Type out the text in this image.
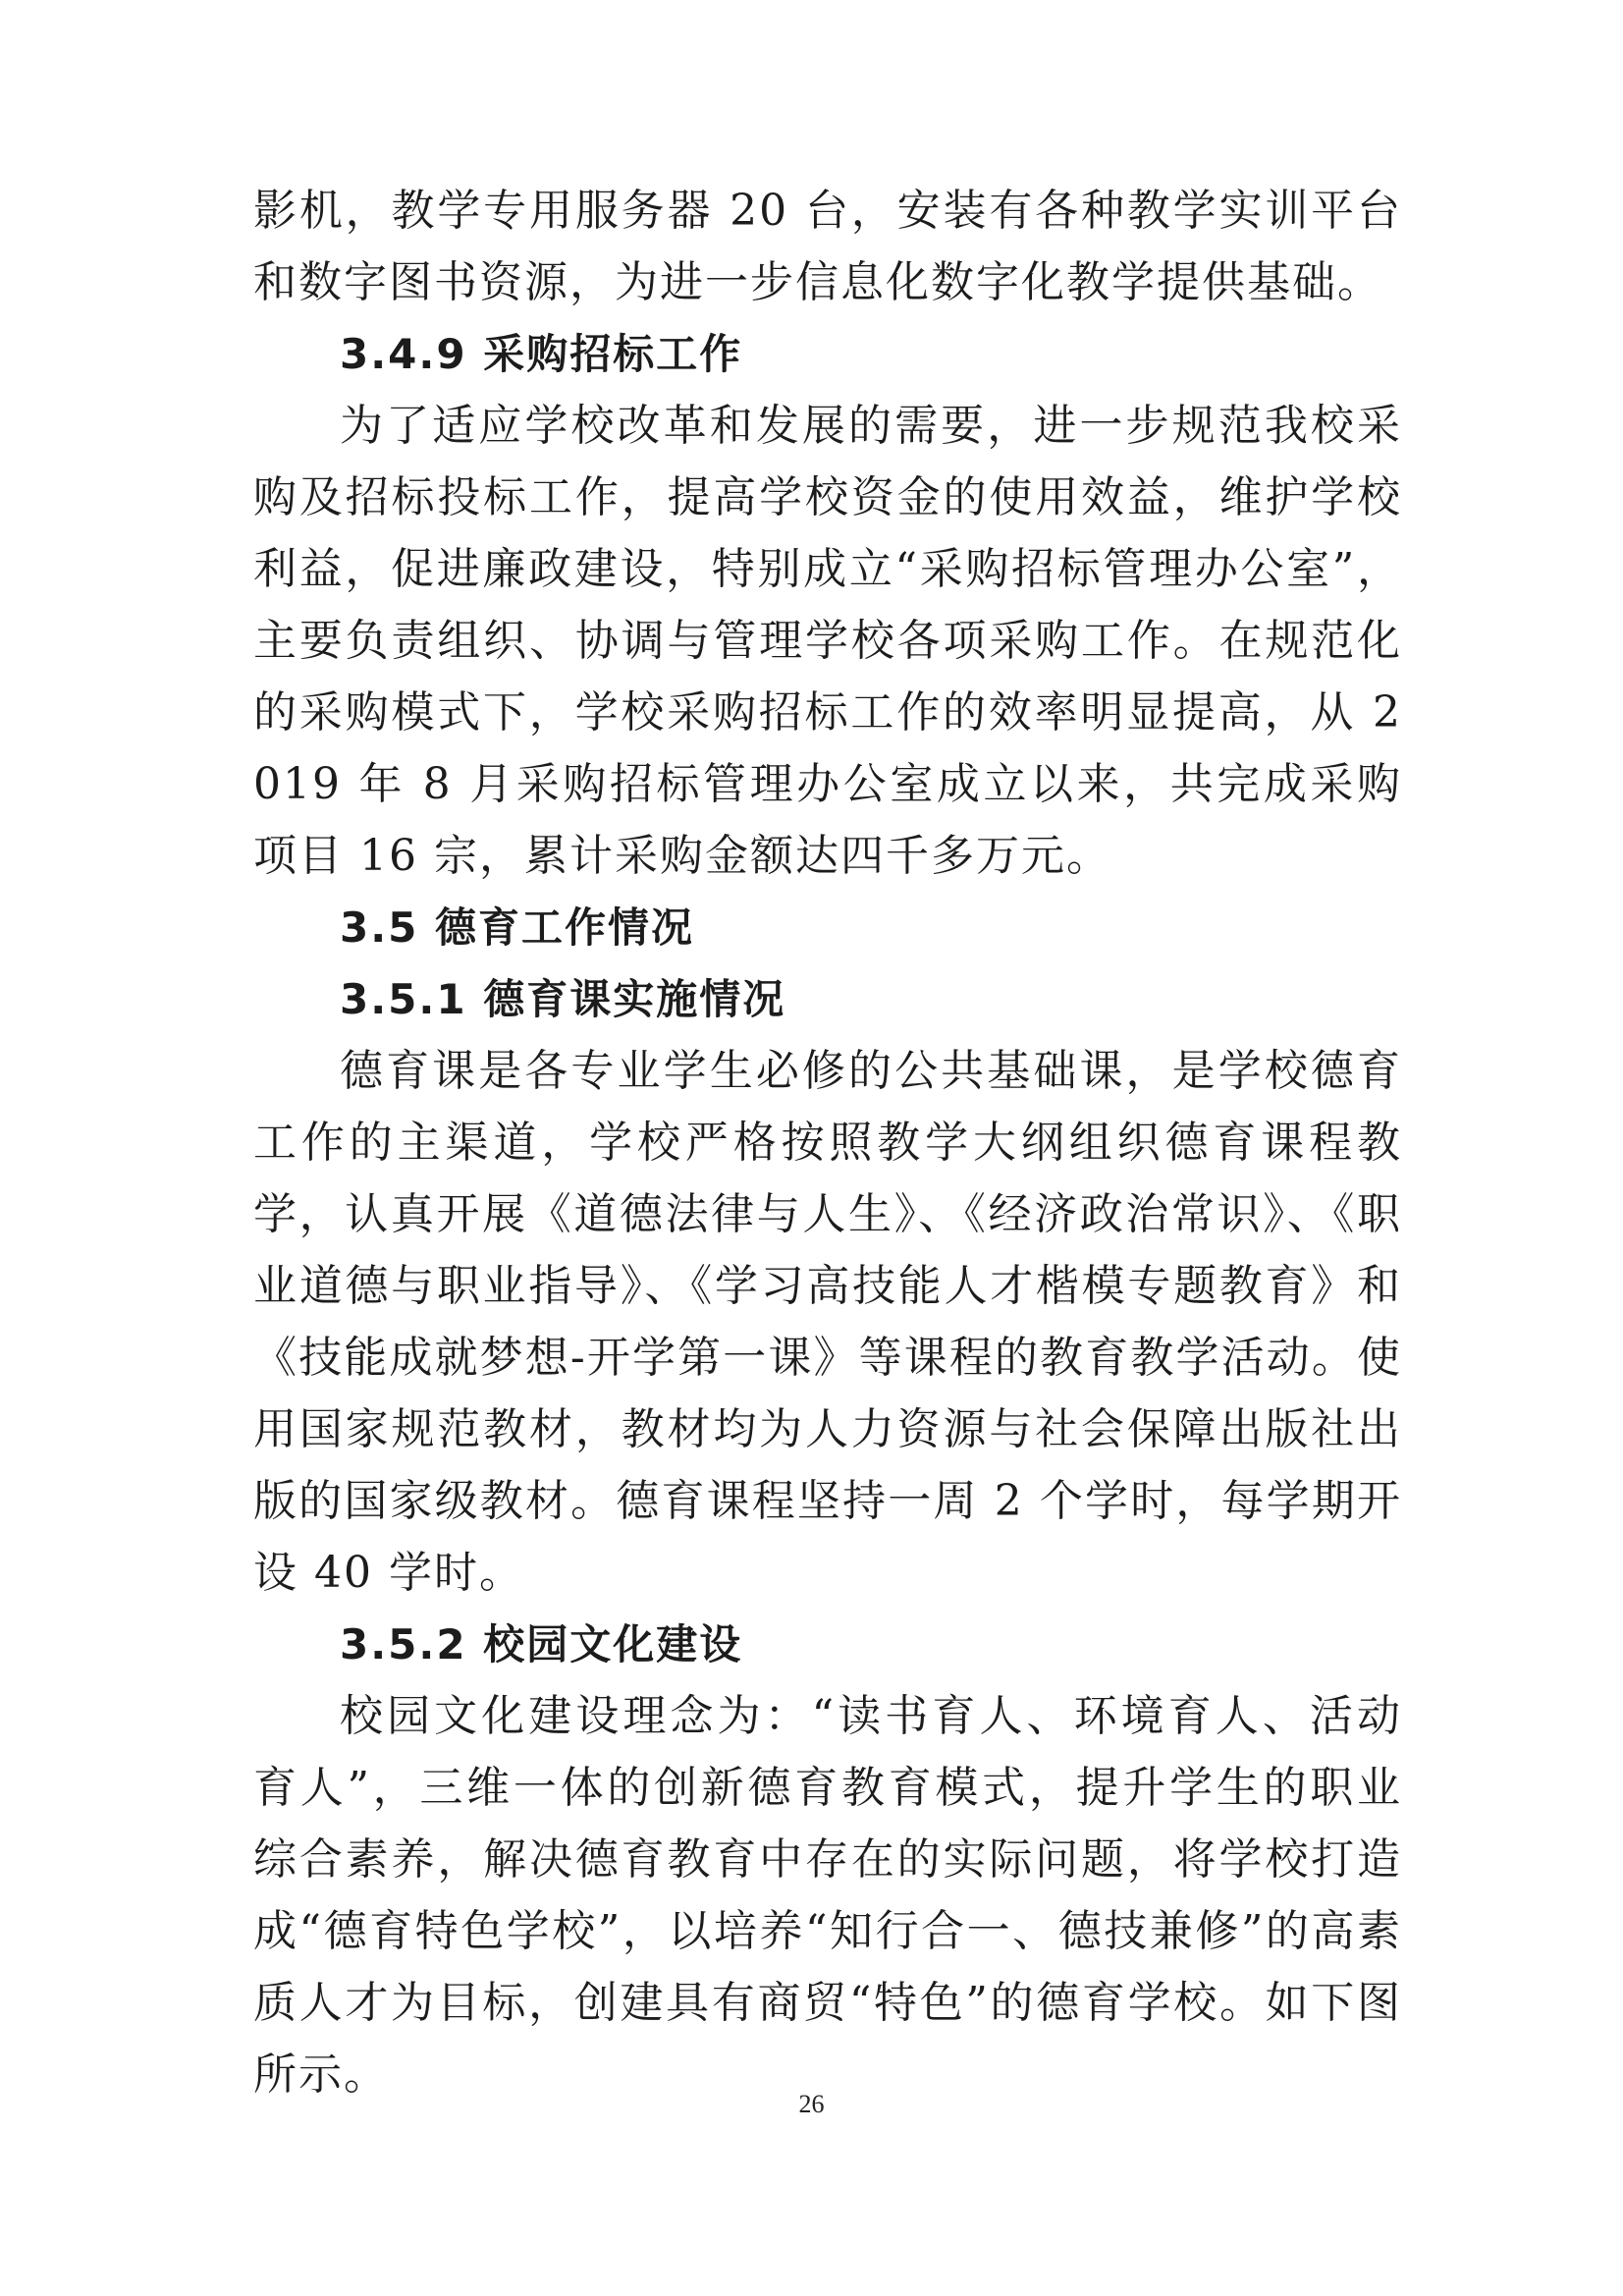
影机，教学专用服务器 20 台，安装有各种教学实训平台和数字图书资源，为进一步信息化数字化教学提供基础。

3.4.9 采购招标工作

为了适应学校改革和发展的需要，进一步规范我校采购及招标投标工作，提高学校资金的使用效益，维护学校利益，促进廉政建设，特别成立“采购招标管理办公室”，主要负责组织、协调与管理学校各项采购工作。在规范化的采购模式下，学校采购招标工作的效率明显提高，从 2019 年 8 月采购招标管理办公室成立以来，共完成采购项目 16 宗，累计采购金额达四千多万元。

3.5 德育工作情况
3.5.1 德育课实施情况

德育课是各专业学生必修的公共基础课，是学校德育工作的主渠道，学校严格按照教学大纲组织德育课程教学，认真开展《道德法律与人生》、《经济政治常识》、《职业道德与职业指导》、《学习高技能人才楷模专题教育》和《技能成就梦想-开学第一课》等课程的教育教学活动。使用国家规范教材，教材均为人力资源与社会保障出版社出版的国家级教材。德育课程坚持一周 2 个学时，每学期开设 40 学时。

3.5.2 校园文化建设

校园文化建设理念为：“读书育人、环境育人、活动育人”，三维一体的创新德育教育模式，提升学生的职业综合素养，解决德育教育中存在的实际问题，将学校打造成“德育特色学校”，以培养“知行合一、德技兼修”的高素质人才为目标，创建具有商贸“特色”的德育学校。如下图所示。

26
